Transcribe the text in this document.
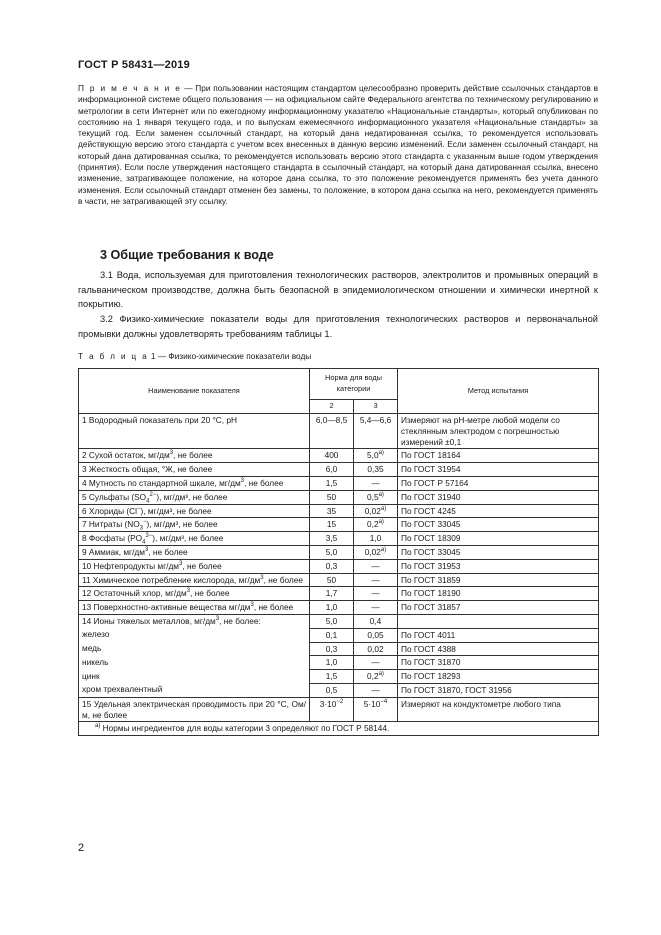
ГОСТ Р 58431—2019
П р и м е ч а н и е — При пользовании настоящим стандартом целесообразно проверить действие ссылочных стандартов в информационной системе общего пользования — на официальном сайте Федерального агентства по техническому регулированию и метрологии в сети Интернет или по ежегодному информационному указателю «Национальные стандарты», который опубликован по состоянию на 1 января текущего года, и по выпускам ежемесячного информационного указателя «Национальные стандарты» за текущий год. Если заменен ссылочный стандарт, на который дана недатированная ссылка, то рекомендуется использовать действующую версию этого стандарта с учетом всех внесенных в данную версию изменений. Если заменен ссылочный стандарт, на который дана датированная ссылка, то рекомендуется использовать версию этого стандарта с указанным выше годом утверждения (принятия). Если после утверждения настоящего стандарта в ссылочный стандарт, на который дана датированная ссылка, внесено изменение, затрагивающее положение, на которое дана ссылка, то это положение рекомендуется применять без учета данного изменения. Если ссылочный стандарт отменен без замены, то положение, в котором дана ссылка на него, рекомендуется применять в части, не затрагивающей эту ссылку.
3 Общие требования к воде
3.1 Вода, используемая для приготовления технологических растворов, электролитов и промывных операций в гальваническом производстве, должна быть безопасной в эпидемиологическом отношении и химически инертной к покрытию.
3.2 Физико-химические показатели воды для приготовления технологических растворов и первоначальной промывки должны удовлетворять требованиям таблицы 1.
Т а б л и ц а 1 — Физико-химические показатели воды
Наименование показателя	Норма для воды категории		Метод испытания
	2	3	
1 Водородный показатель при 20 °С, pH	6,0—8,5	5,4—6,6	Измеряют на pH-метре любой модели со стеклянным электродом с погрешностью измерений ±0,1
2 Сухой остаток, $мг/дм^3$, не более	400	$5,0^{а)}$	По ГОСТ 18164
3 Жесткость общая, °Ж, не более	6,0	0,35	По ГОСТ 31954
4 Мутность по стандартной шкале, $мг/дм^3$, не более	1,5	—	По ГОСТ Р 57164
5 Сульфаты $(SO_4^{2-})$, мг/дм³, не более	50	$0,5^{а)}$	По ГОСТ 31940
6 Хлориды (Cl−), мг/дм³, не более	35	$0,02^{а)}$	По ГОСТ 4245
7 Нитраты $(NO_3^-)$, мг/дм³, не более	15	$0,2^{а)}$	По ГОСТ 33045
8 Фосфаты $(PO_4^{3-})$, мг/дм³, не более	3,5	1,0	По ГОСТ 18309
9 Аммиак, $мг/дм^3$, не более	5,0	$0,02^{а)}$	По ГОСТ 33045
10 Нефтепродукты $мг/дм^3$, не более	0,3	—	По ГОСТ 31953
11 Химическое потребление кислорода, $мг/дм^3$, не более	50	—	По ГОСТ 31859
12 Остаточный хлор, $мг/дм^3$, не более	1,7	—	По ГОСТ 18190
13 Поверхностно-активные вещества $мг/дм^3$, не более	1,0	—	По ГОСТ 31857
14 Ионы тяжелых металлов, $мг/дм^3$, не более:	5,0	0,4	
железо	0,1	0,05	По ГОСТ 4011
медь	0,3	0,02	По ГОСТ 4388
никель	1,0	—	По ГОСТ 31870
цинк	1,5	$0,2^{а)}$	По ГОСТ 18293
хром трехвалентный	0,5	—	По ГОСТ 31870, ГОСТ 31956
15 Удельная электрическая проводимость при 20 °С, Ом/м, не более	$3\cdot 10^{-2}$	$5\cdot 10^{-4}$	Измеряют на кондуктометре любого типа
$^{а)}$ Нормы ингредиентов для воды категории 3 определяют по ГОСТ Р 58144.			
2
